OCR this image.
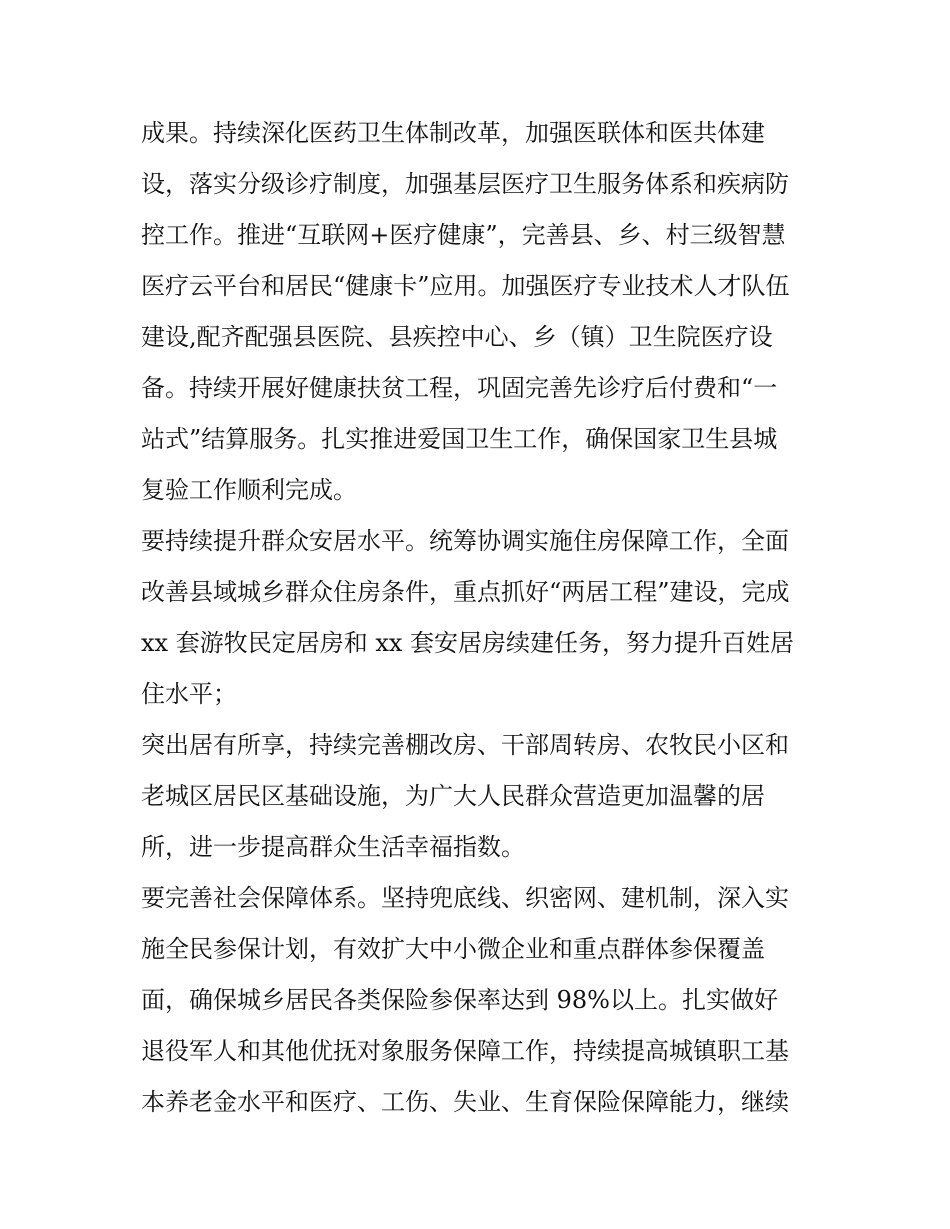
成果。持续深化医药卫生体制改革，加强医联体和医共体建
设，落实分级诊疗制度，加强基层医疗卫生服务体系和疾病防
控工作。推进“互联网+医疗健康”，完善县、乡、村三级智慧
医疗云平台和居民“健康卡”应用。加强医疗专业技术人才队伍
建设,配齐配强县医院、县疾控中心、乡（镇）卫生院医疗设
备。持续开展好健康扶贫工程，巩固完善先诊疗后付费和“一
站式”结算服务。扎实推进爱国卫生工作，确保国家卫生县城
复验工作顺利完成。
要持续提升群众安居水平。统筹协调实施住房保障工作，全面
改善县域城乡群众住房条件，重点抓好“两居工程”建设，完成
xx 套游牧民定居房和 xx 套安居房续建任务，努力提升百姓居
住水平；
突出居有所享，持续完善棚改房、干部周转房、农牧民小区和
老城区居民区基础设施，为广大人民群众营造更加温馨的居
所，进一步提高群众生活幸福指数。
要完善社会保障体系。坚持兜底线、织密网、建机制，深入实
施全民参保计划，有效扩大中小微企业和重点群体参保覆盖
面，确保城乡居民各类保险参保率达到 98%以上。扎实做好
退役军人和其他优抚对象服务保障工作，持续提高城镇职工基
本养老金水平和医疗、工伤、失业、生育保险保障能力，继续
